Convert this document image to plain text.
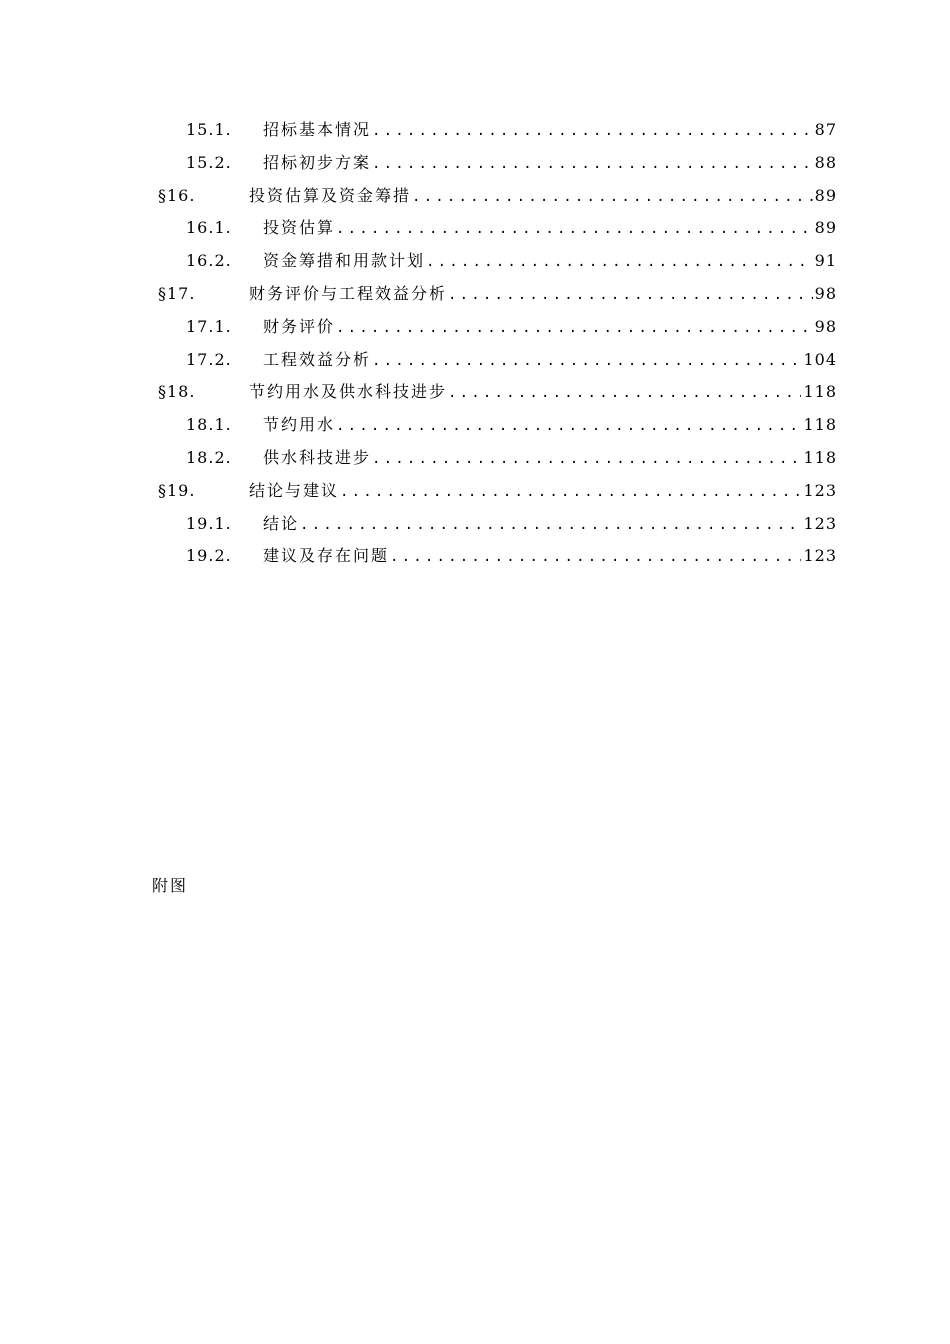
15.1. 招标基本情况 .....	87
15.2. 招标初步方案 .....	88
§16.	投资估算及资金筹措 .....	89
16.1. 投资估算 .....	89
16.2. 资金筹措和用款计划 .....	91
§17.	财务评价与工程效益分析 .....	98
17.1. 财务评价 .....	98
17.2. 工程效益分析 .....	104
§18.	节约用水及供水科技进步 .....	118
18.1. 节约用水 .....	118
18.2. 供水科技进步 .....	118
§19.	结论与建议 .....	123
19.1. 结论 .....	123
19.2. 建议及存在问题 .....	123
附图
